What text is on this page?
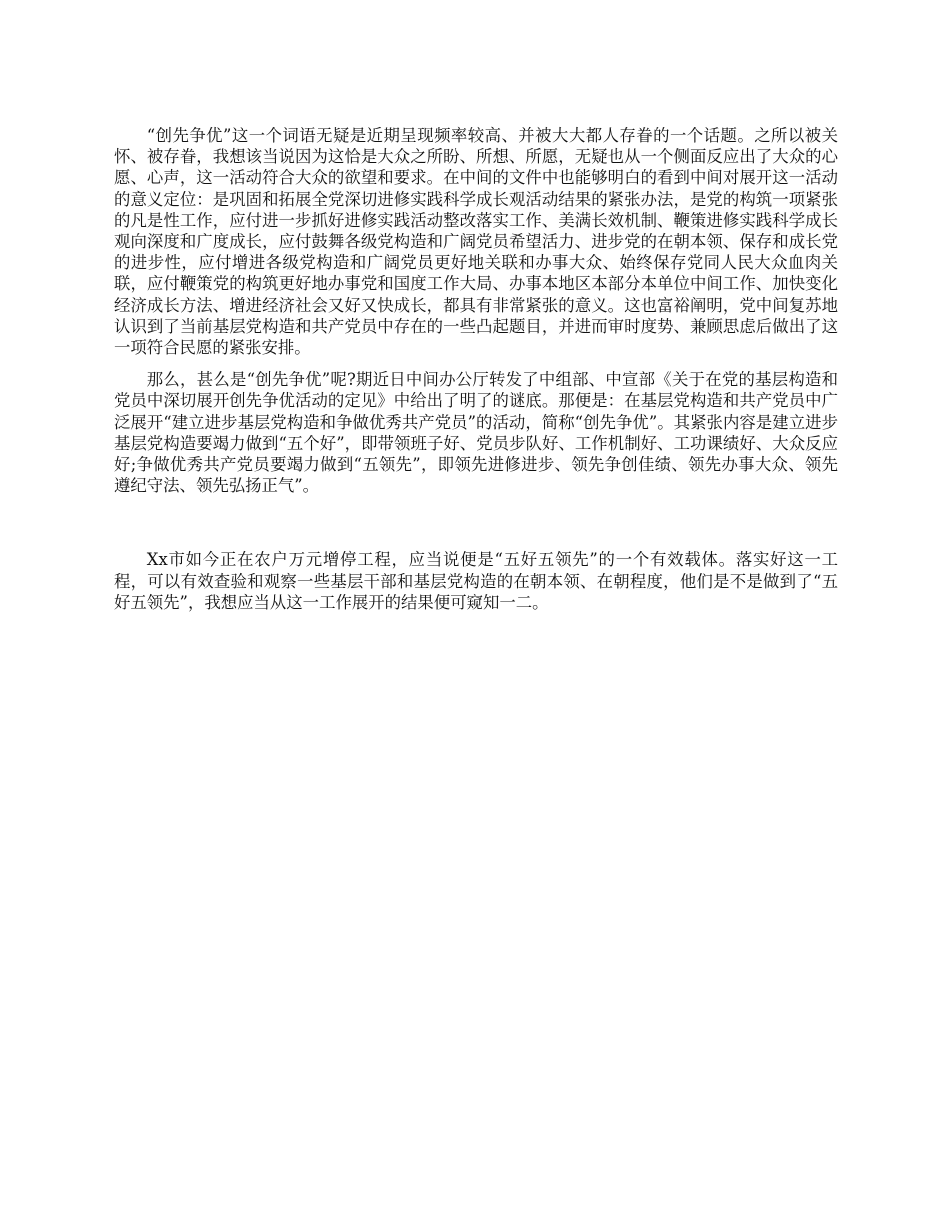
“创先争优”这一个词语无疑是近期呈现频率较高、并被大大都人存眷的一个话题。之所以被关怀、被存眷，我想该当说因为这恰是大众之所盼、所想、所愿，无疑也从一个侧面反应出了大众的心愿、心声，这一活动符合大众的欲望和要求。在中间的文件中也能够明白的看到中间对展开这一活动的意义定位：是巩固和拓展全党深切进修实践科学成长观活动结果的紧张办法，是党的构筑一项紧张的凡是性工作，应付进一步抓好进修实践活动整改落实工作、美满长效机制、鞭策进修实践科学成长观向深度和广度成长，应付鼓舞各级党构造和广阔党员希望活力、进步党的在朝本领、保存和成长党的进步性，应付增进各级党构造和广阔党员更好地关联和办事大众、始终保存党同人民大众血肉关联，应付鞭策党的构筑更好地办事党和国度工作大局、办事本地区本部分本单位中间工作、加快变化经济成长方法、增进经济社会又好又快成长，都具有非常紧张的意义。这也富裕阐明，党中间复苏地认识到了当前基层党构造和共产党员中存在的一些凸起题目，并进而审时度势、兼顾思虑后做出了这一项符合民愿的紧张安排。

那么，甚么是“创先争优”呢?期近日中间办公厅转发了中组部、中宣部《关于在党的基层构造和党员中深切展开创先争优活动的定见》中给出了明了的谜底。那便是：在基层党构造和共产党员中广泛展开“建立进步基层党构造和争做优秀共产党员”的活动，简称“创先争优”。其紧张内容是建立进步基层党构造要竭力做到“五个好”，即带领班子好、党员步队好、工作机制好、工功课绩好、大众反应好;争做优秀共产党员要竭力做到“五领先”，即领先进修进步、领先争创佳绩、领先办事大众、领先遵纪守法、领先弘扬正气”。

Xx市如今正在农户万元增停工程，应当说便是“五好五领先”的一个有效载体。落实好这一工程，可以有效查验和观察一些基层干部和基层党构造的在朝本领、在朝程度，他们是不是做到了“五好五领先”，我想应当从这一工作展开的结果便可窥知一二。
